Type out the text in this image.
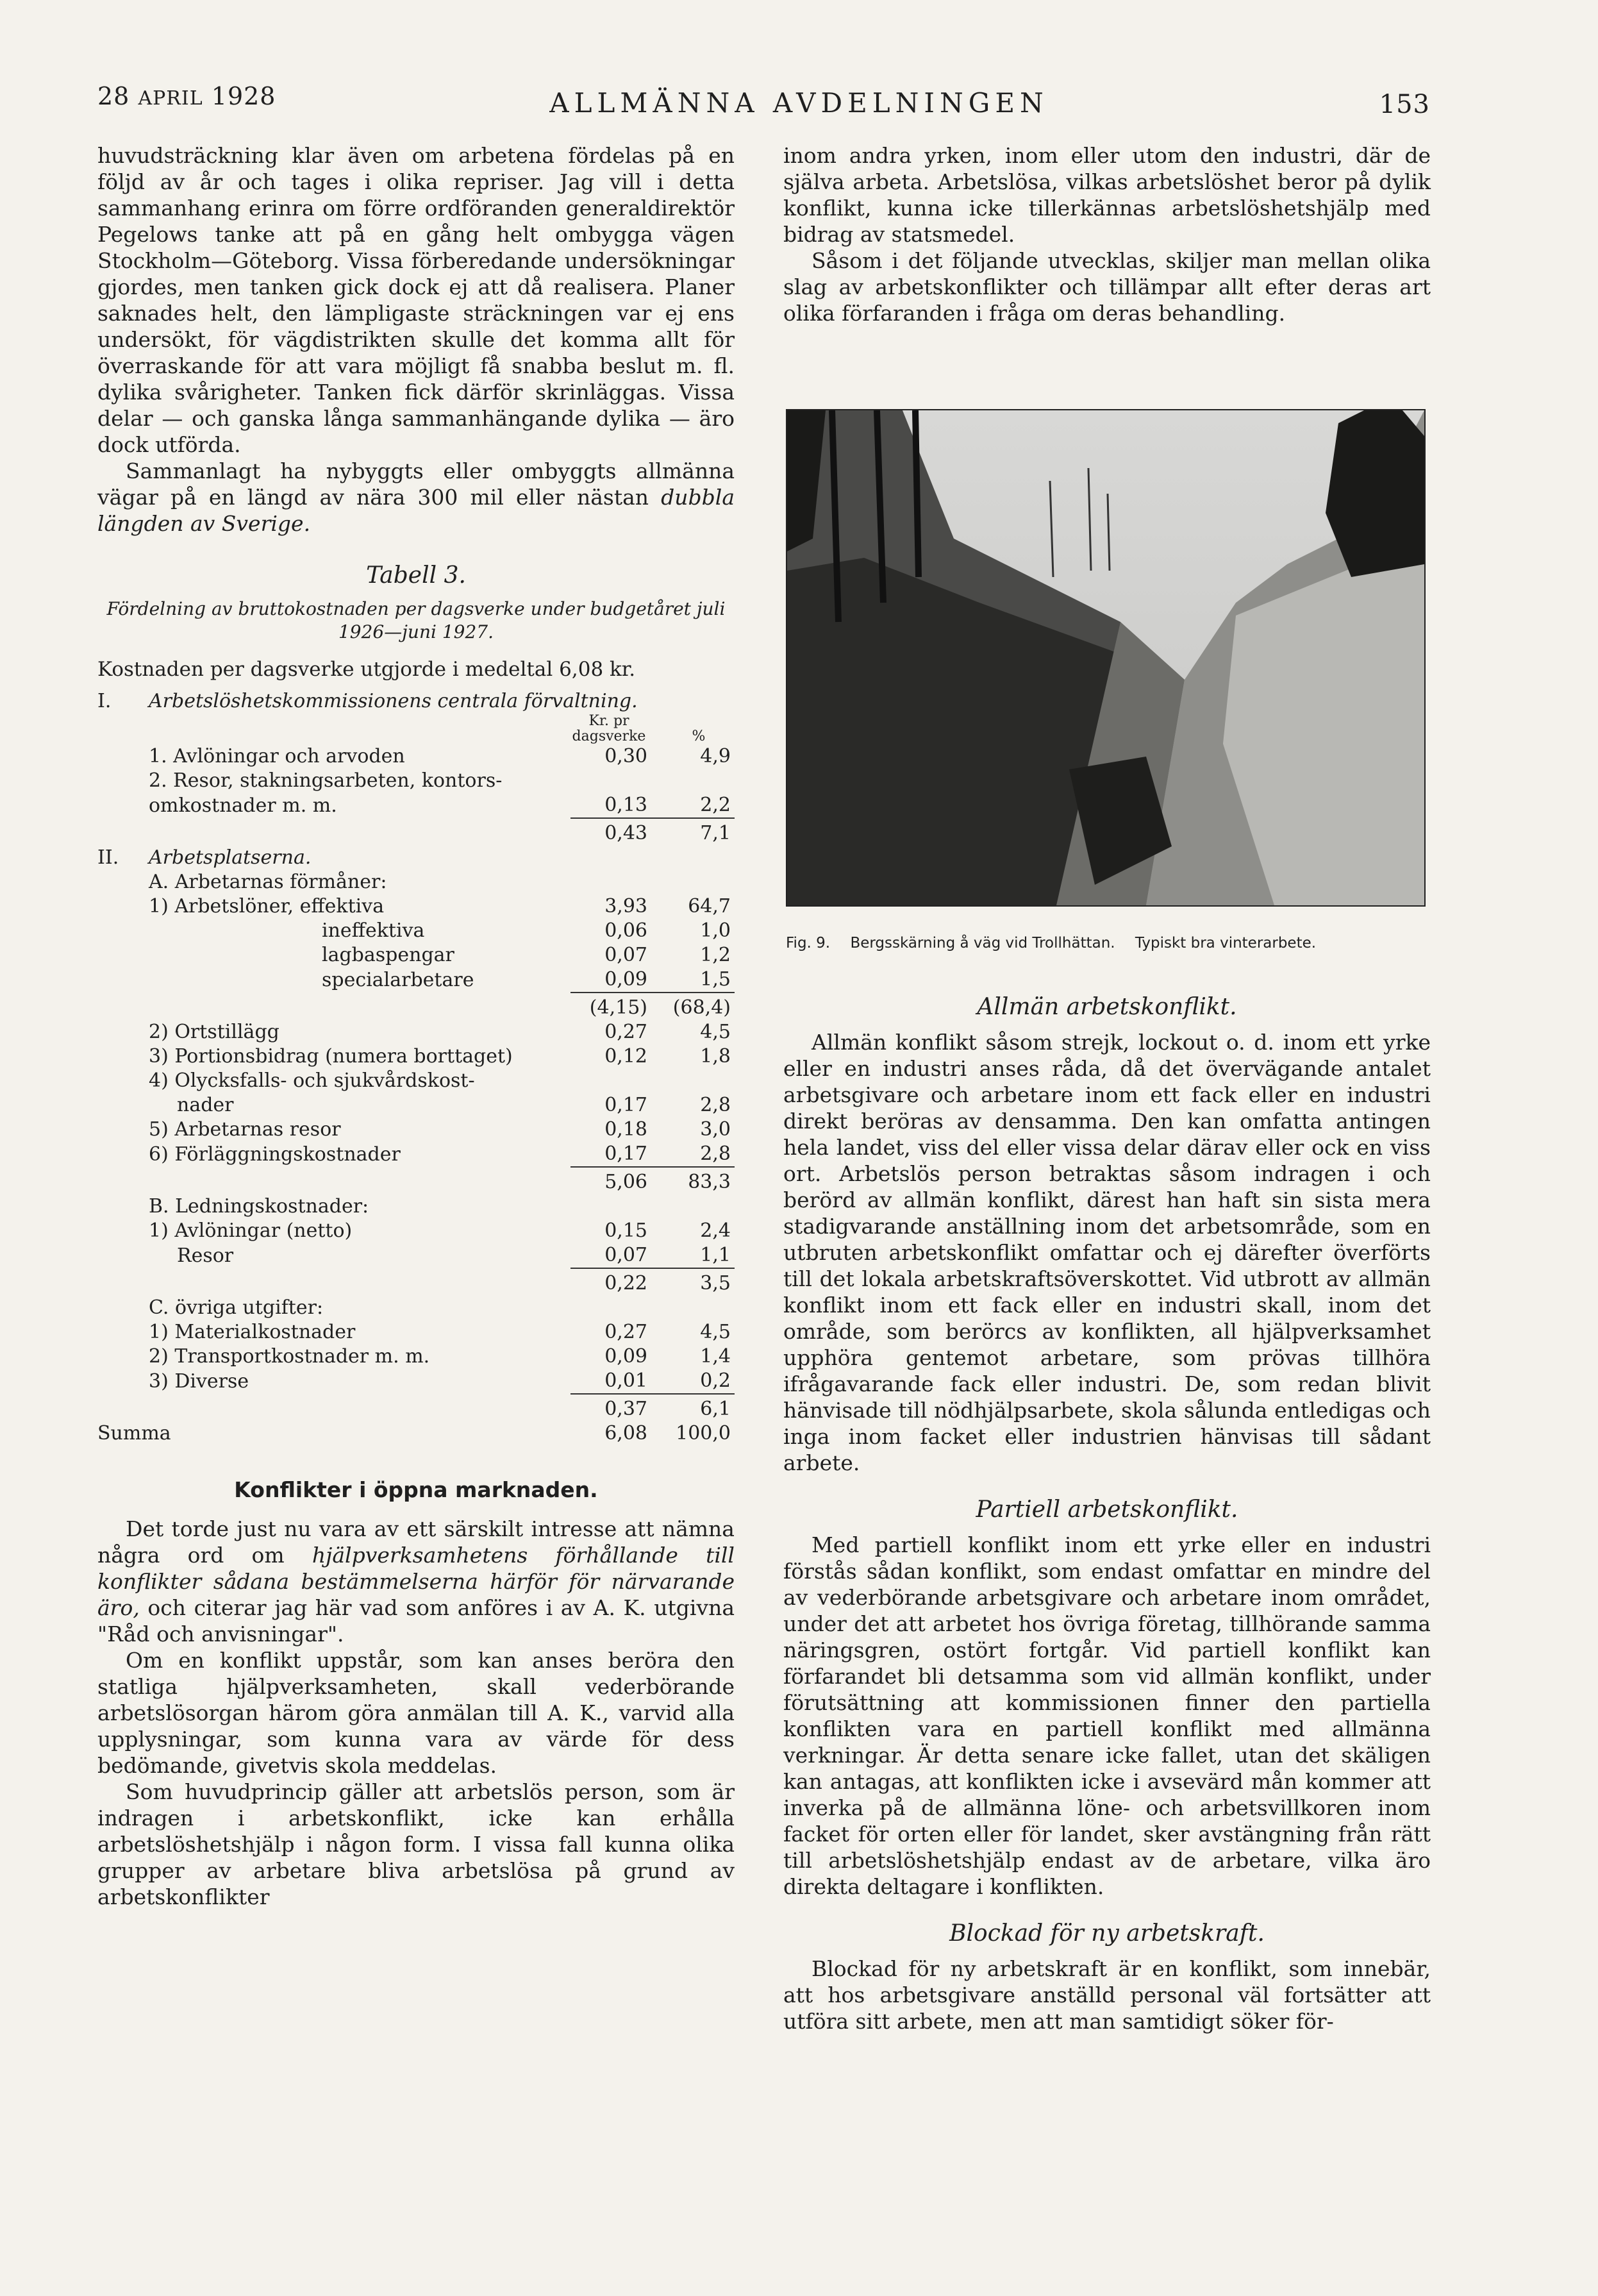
28 APRIL 1928	ALLMÄNNA AVDELNINGEN	153

huvudsträckning klar även om arbetena fördelas på en följd av år och tages i olika repriser. Jag vill i detta sammanhang erinra om förre ordföranden generaldirektör Pegelows tanke att på en gång helt ombygga vägen Stockholm—Göteborg. Vissa förberedande undersökningar gjordes, men tanken gick dock ej att då realisera. Planer saknades helt, den lämpligaste sträckningen var ej ens undersökt, för vägdistrikten skulle det komma allt för överraskande för att vara möjligt få snabba beslut m. fl. dylika svårigheter. Tanken fick därför skrinläggas. Vissa delar — och ganska långa sammanhängande dylika — äro dock utförda.

Sammanlagt ha nybyggts eller ombyggts allmänna vägar på en längd av nära 300 mil eller nästan dubbla längden av Sverige.

Tabell 3.
Fördelning av bruttokostnaden per dagsverke under budgetåret juli 1926—juni 1927.
Kostnaden per dagsverke utgjorde i medeltal 6,08 kr.
I.	Arbetslöshetskommissionens centrala förvaltning.		
		Kr. pr dagsverke	%
	1. Avlöningar och arvoden	0,30	4,9
	2. Resor, stakningsarbeten, kontors-		
	omkostnader m. m.	0,13	2,2
		0,43	7,1
II.	Arbetsplatserna.		
	A. Arbetarnas förmåner:		
	1) Arbetslöner, effektiva	3,93	64,7
	ineffektiva	0,06	1,0
	lagbaspengar	0,07	1,2
	specialarbetare	0,09	1,5
		(4,15)	(68,4)
	2) Ortstillägg	0,27	4,5
	3) Portionsbidrag (numera borttaget)	0,12	1,8
	4) Olycksfalls- och sjukvårdskost-		
	nader	0,17	2,8
	5) Arbetarnas resor	0,18	3,0
	6) Förläggningskostnader	0,17	2,8
		5,06	83,3
	B. Ledningskostnader:		
	1) Avlöningar (netto)	0,15	2,4
	Resor	0,07	1,1
		0,22	3,5
	C. övriga utgifter:		
	1) Materialkostnader	0,27	4,5
	2) Transportkostnader m. m.	0,09	1,4
	3) Diverse	0,01	0,2
		0,37	6,1
Summa		6,08	100,0
Konflikter i öppna marknaden.

Det torde just nu vara av ett särskilt intresse att nämna några ord om hjälpverksamhetens förhållande till konflikter sådana bestämmelserna härför för närvarande äro, och citerar jag här vad som anföres i av A. K. utgivna "Råd och anvisningar".

Om en konflikt uppstår, som kan anses beröra den statliga hjälpverksamheten, skall vederbörande arbetslösorgan härom göra anmälan till A. K., varvid alla upplysningar, som kunna vara av värde för dess bedömande, givetvis skola meddelas.

Som huvudprincip gäller att arbetslös person, som är indragen i arbetskonflikt, icke kan erhålla arbetslöshetshjälp i någon form. I vissa fall kunna olika grupper av arbetare bliva arbetslösa på grund av arbetskonflikter

inom andra yrken, inom eller utom den industri, där de själva arbeta. Arbetslösa, vilkas arbetslöshet beror på dylik konflikt, kunna icke tillerkännas arbetslöshetshjälp med bidrag av statsmedel.

Såsom i det följande utvecklas, skiljer man mellan olika slag av arbetskonflikter och tillämpar allt efter deras art olika förfaranden i fråga om deras behandling.

Fig. 9. Bergsskärning å väg vid Trollhättan. Typiskt bra vinterarbete.
Allmän arbetskonflikt.

Allmän konflikt såsom strejk, lockout o. d. inom ett yrke eller en industri anses råda, då det övervägande antalet arbetsgivare och arbetare inom ett fack eller en industri direkt beröras av densamma. Den kan omfatta antingen hela landet, viss del eller vissa delar därav eller ock en viss ort. Arbetslös person betraktas såsom indragen i och berörd av allmän konflikt, därest han haft sin sista mera stadigvarande anställning inom det arbetsområde, som en utbruten arbetskonflikt omfattar och ej därefter överförts till det lokala arbetskraftsöverskottet. Vid utbrott av allmän konflikt inom ett fack eller en industri skall, inom det område, som berörcs av konflikten, all hjälpverksamhet upphöra gentemot arbetare, som prövas tillhöra ifrågavarande fack eller industri. De, som redan blivit hänvisade till nödhjälpsarbete, skola sålunda entledigas och inga inom facket eller industrien hänvisas till sådant arbete.

Partiell arbetskonflikt.

Med partiell konflikt inom ett yrke eller en industri förstås sådan konflikt, som endast omfattar en mindre del av vederbörande arbetsgivare och arbetare inom området, under det att arbetet hos övriga företag, tillhörande samma näringsgren, ostört fortgår. Vid partiell konflikt kan förfarandet bli detsamma som vid allmän konflikt, under förutsättning att kommissionen finner den partiella konflikten vara en partiell konflikt med allmänna verkningar. Är detta senare icke fallet, utan det skäligen kan antagas, att konflikten icke i avsevärd mån kommer att inverka på de allmänna löne- och arbetsvillkoren inom facket för orten eller för landet, sker avstängning från rätt till arbetslöshetshjälp endast av de arbetare, vilka äro direkta deltagare i konflikten.

Blockad för ny arbetskraft.

Blockad för ny arbetskraft är en konflikt, som innebär, att hos arbetsgivare anställd personal väl fortsätter att utföra sitt arbete, men att man samtidigt söker för-
